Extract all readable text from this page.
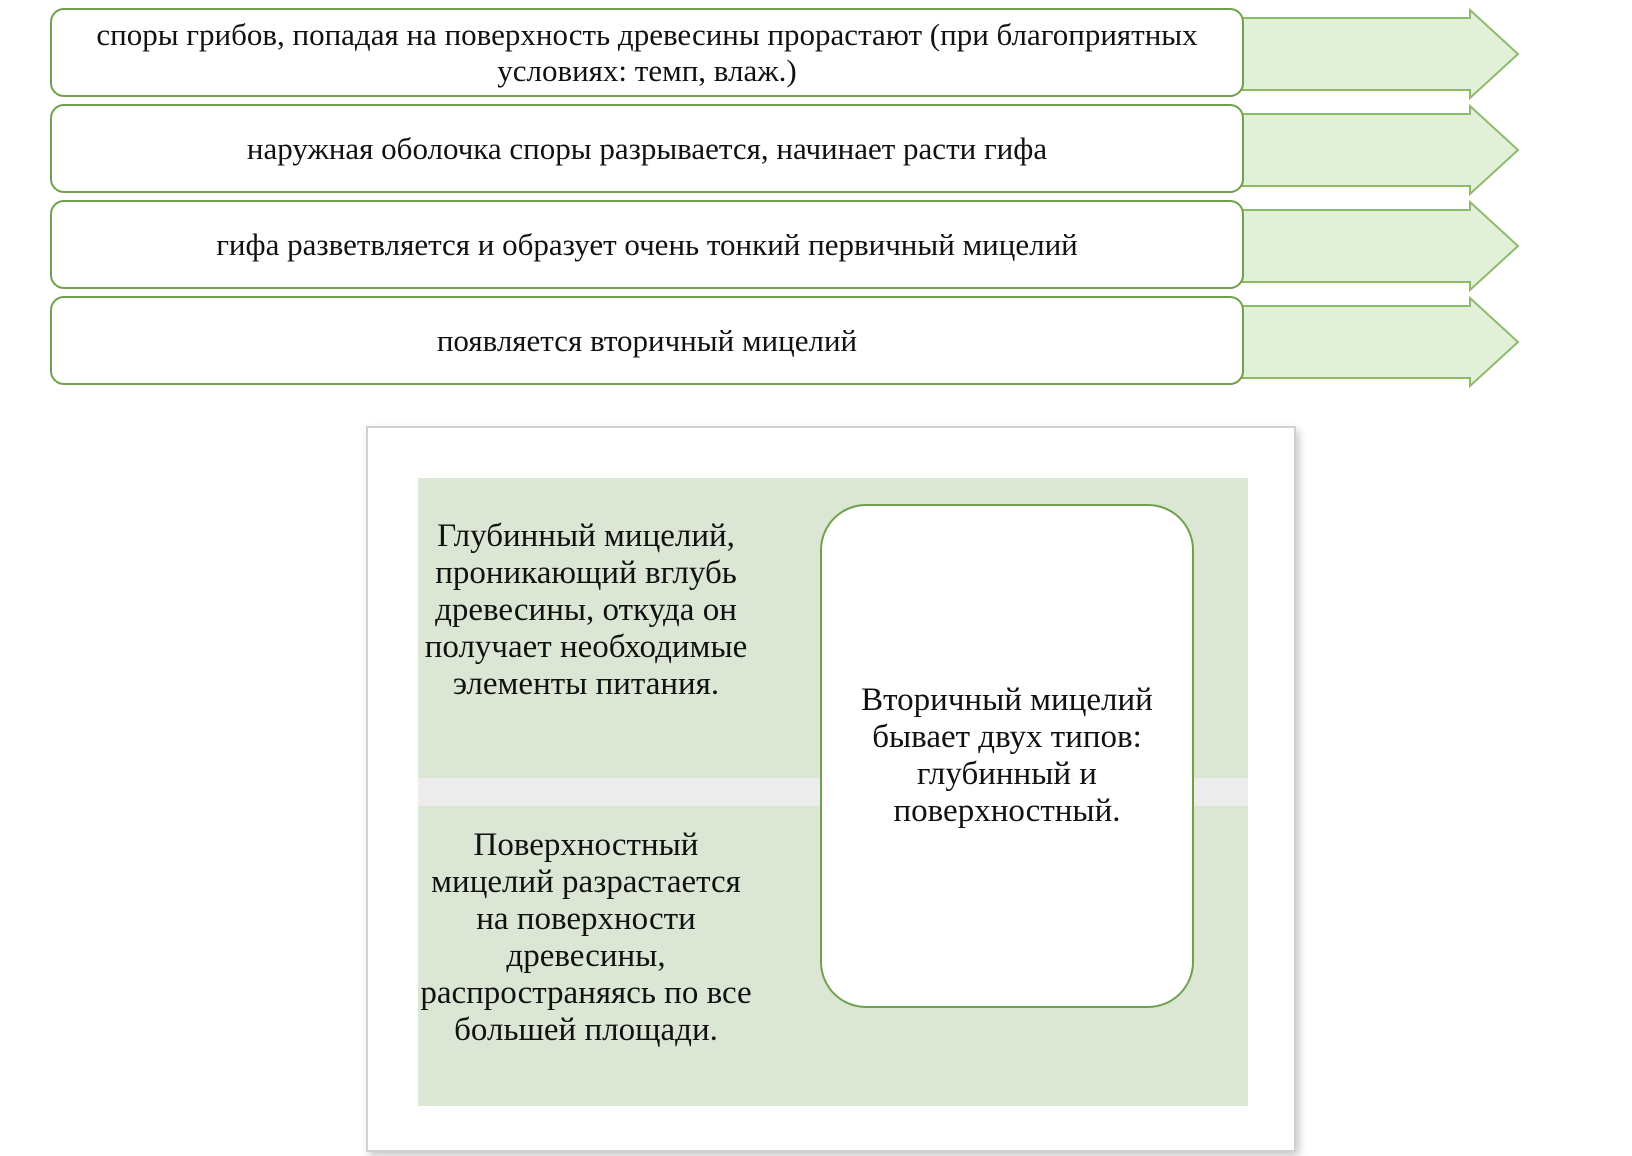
споры грибов, попадая на поверхность древесины прорастают (при благоприятных условиях: темп, влаж.)
наружная оболочка споры разрывается, начинает расти гифа
гифа разветвляется и образует очень тонкий первичный мицелий
появляется вторичный мицелий
Глубинный мицелий, проникающий вглубь древесины, откуда он получает необходимые элементы питания.
Поверхностный мицелий разрастается на поверхности древесины, распространяясь по все большей площади.
Вторичный мицелий бывает двух типов: глубинный и поверхностный.
